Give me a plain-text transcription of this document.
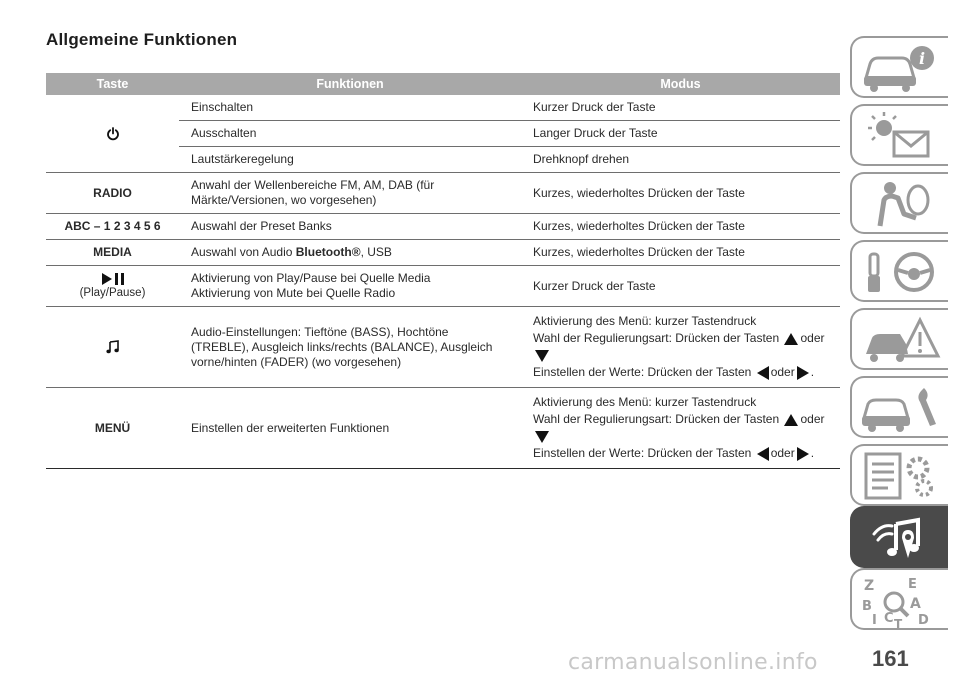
Allgemeine Funktionen
Taste	Funktionen	Modus
	Einschalten	Kurzer Druck der Taste
	Ausschalten	Langer Druck der Taste
	Lautstärkeregelung	Drehknopf drehen
RADIO	Anwahl der Wellenbereiche FM, AM, DAB (für
Märkte/Versionen, wo vorgesehen)	Kurzes, wiederholtes Drücken der Taste
ABC – 1 2 3 4 5 6	Auswahl der Preset Banks	Kurzes, wiederholtes Drücken der Taste
MEDIA	Auswahl von Audio Bluetooth®, USB	Kurzes, wiederholtes Drücken der Taste

(Play/Pause)	Aktivierung von Play/Pause bei Quelle Media
Aktivierung von Mute bei Quelle Radio	Kurzer Druck der Taste
	Audio-Einstellungen: Tieftöne (BASS), Hochtöne
(TREBLE), Ausgleich links/rechts (BALANCE), Ausgleich
vorne/hinten (FADER) (wo vorgesehen)	Aktivierung des Menü: kurzer Tastendruck
Wahl der Regulierungsart: Drücken der Tasten oder
Einstellen der Werte: Drücken der Tasten oder .

MENÜ	Einstellen der erweiterten Funktionen	Aktivierung des Menü: kurzer Tastendruck
Wahl der Regulierungsart: Drücken der Tasten oder
Einstellen der Werte: Drücken der Tasten oder .
i
Z	E
B	A
I C D
T
carmanualsonline.info 161
